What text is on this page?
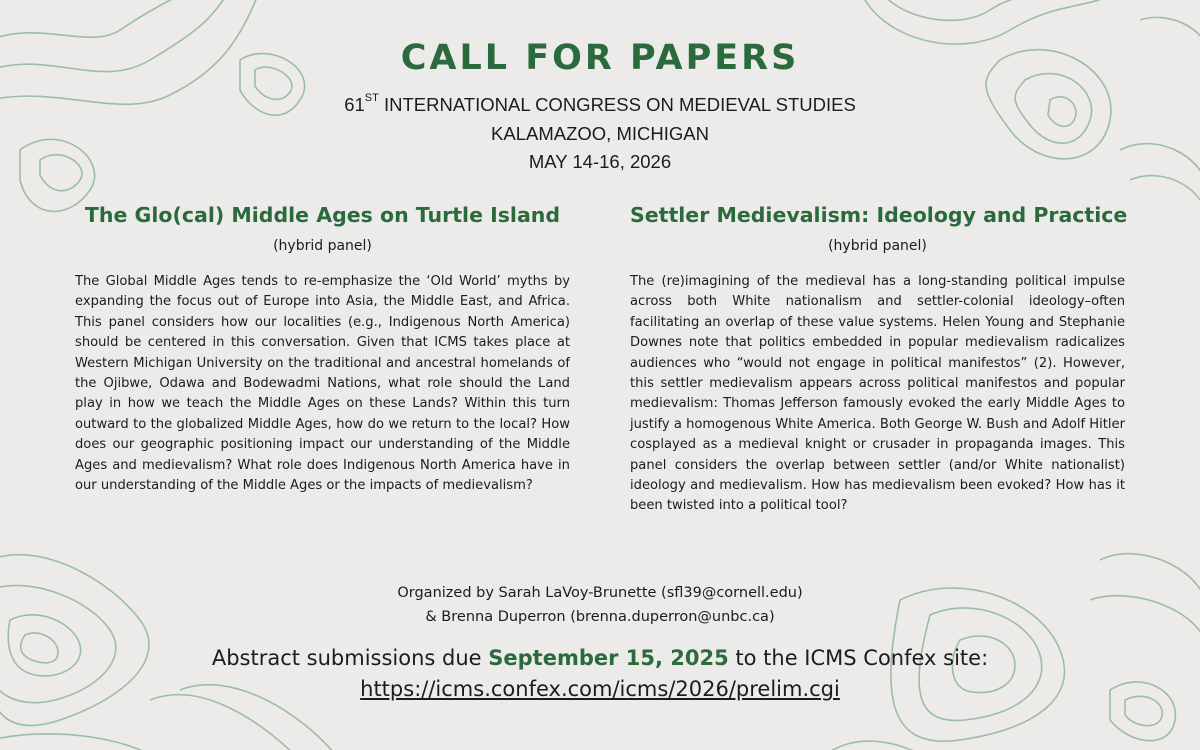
CALL FOR PAPERS
61ST INTERNATIONAL CONGRESS ON MEDIEVAL STUDIES
KALAMAZOO, MICHIGAN
MAY 14-16, 2026
The Glo(cal) Middle Ages on Turtle Island
(hybrid panel)

The Global Middle Ages tends to re-emphasize the ‘Old World’ myths by expanding the focus out of Europe into Asia, the Middle East, and Africa. This panel considers how our localities (e.g., Indigenous North America) should be centered in this conversation. Given that ICMS takes place at Western Michigan University on the traditional and ancestral homelands of the Ojibwe, Odawa and Bodewadmi Nations, what role should the Land play in how we teach the Middle Ages on these Lands? Within this turn outward to the globalized Middle Ages, how do we return to the local? How does our geographic positioning impact our understanding of the Middle Ages and medievalism? What role does Indigenous North America have in our understanding of the Middle Ages or the impacts of medievalism?

Settler Medievalism: Ideology and Practice
(hybrid panel)

The (re)imagining of the medieval has a long-standing political impulse across both White nationalism and settler-colonial ideology–often facilitating an overlap of these value systems. Helen Young and Stephanie Downes note that politics embedded in popular medievalism radicalizes audiences who “would not engage in political manifestos” (2). However, this settler medievalism appears across political manifestos and popular medievalism: Thomas Jefferson famously evoked the early Middle Ages to justify a homogenous White America. Both George W. Bush and Adolf Hitler cosplayed as a medieval knight or crusader in propaganda images. This panel considers the overlap between settler (and/or White nationalist) ideology and medievalism. How has medievalism been evoked? How has it been twisted into a political tool?

Organized by Sarah LaVoy-Brunette (sfl39@cornell.edu)
& Brenna Duperron (brenna.duperron@unbc.ca)
Abstract submissions due September 15, 2025 to the ICMS Confex site:
https://icms.confex.com/icms/2026/prelim.cgi
